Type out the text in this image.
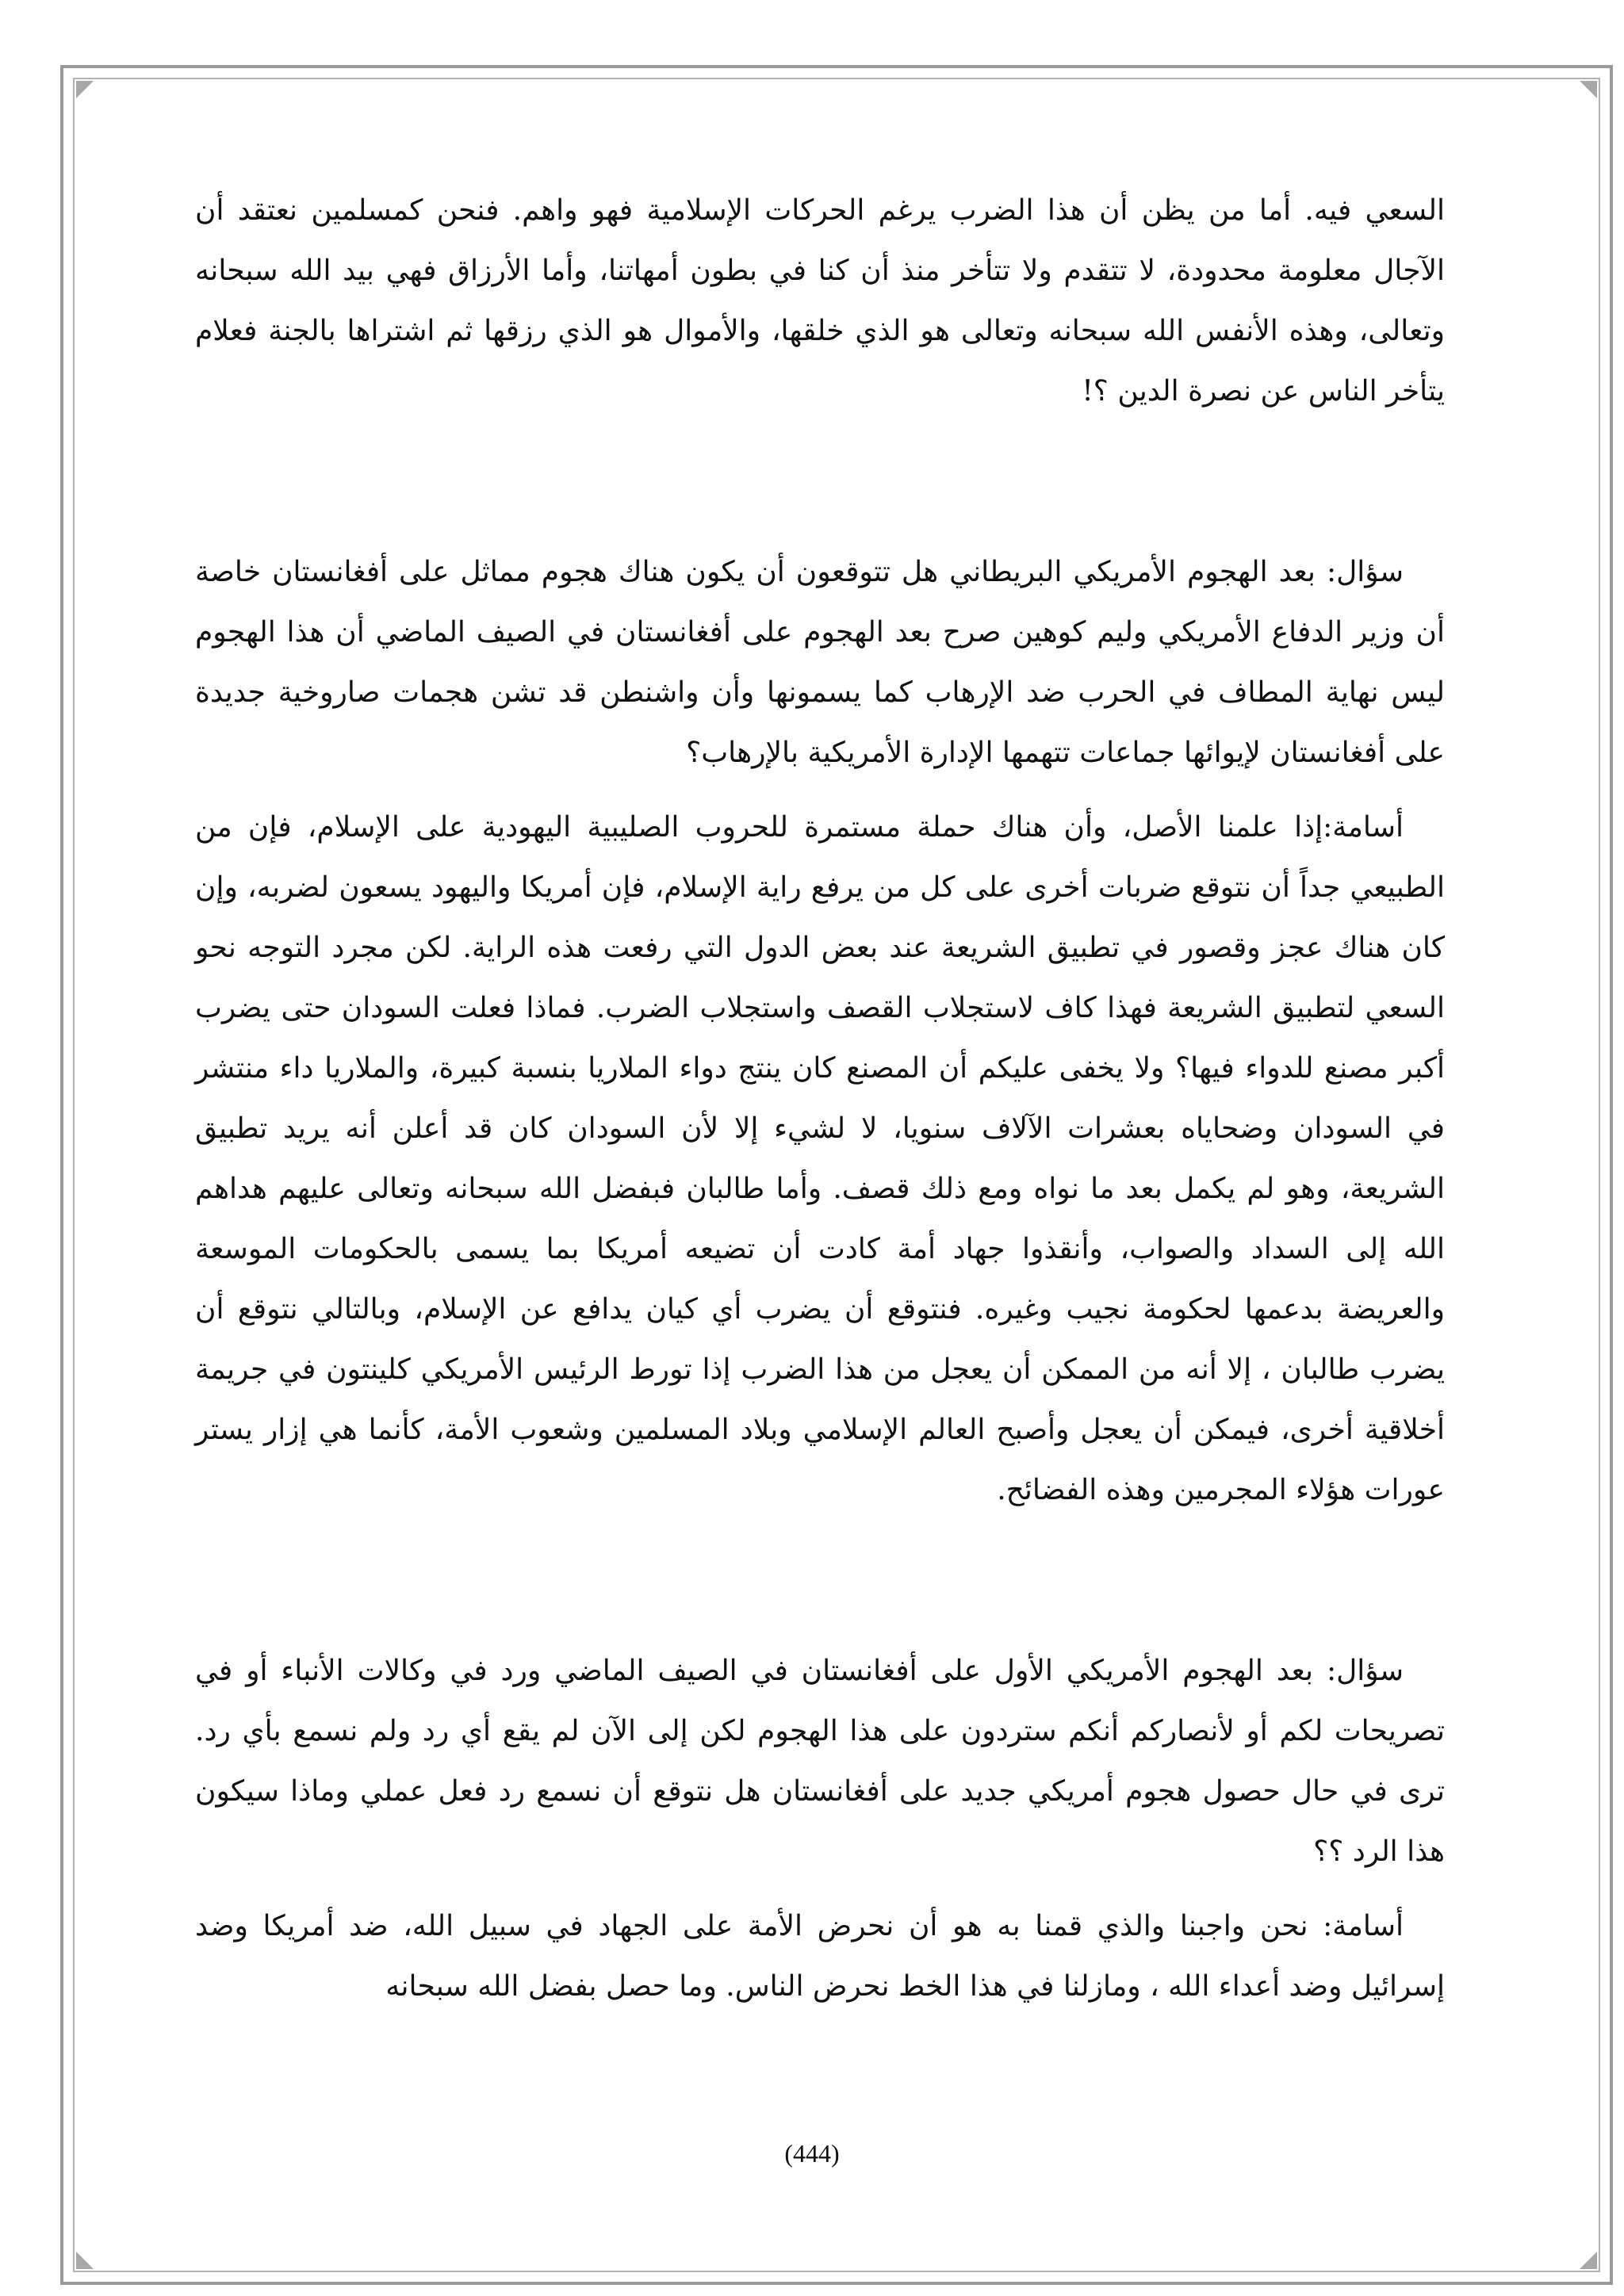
السعي فيه. أما من يظن أن هذا الضرب يرغم الحركات الإسلامية فهو واهم. فنحن كمسلمين نعتقد أن الآجال معلومة محدودة، لا تتقدم ولا تتأخر منذ أن كنا في بطون أمهاتنا، وأما الأرزاق فهي بيد الله سبحانه وتعالى، وهذه الأنفس الله سبحانه وتعالى هو الذي خلقها، والأموال هو الذي رزقها ثم اشتراها بالجنة فعلام يتأخر الناس عن نصرة الدين ؟!

سؤال: بعد الهجوم الأمريكي البريطاني هل تتوقعون أن يكون هناك هجوم مماثل على أفغانستان خاصة أن وزير الدفاع الأمريكي وليم كوهين صرح بعد الهجوم على أفغانستان في الصيف الماضي أن هذا الهجوم ليس نهاية المطاف في الحرب ضد الإرهاب كما يسمونها وأن واشنطن قد تشن هجمات صاروخية جديدة على أفغانستان لإيوائها جماعات تتهمها الإدارة الأمريكية بالإرهاب؟

أسامة:إذا علمنا الأصل، وأن هناك حملة مستمرة للحروب الصليبية اليهودية على الإسلام، فإن من الطبيعي جداً أن نتوقع ضربات أخرى على كل من يرفع راية الإسلام، فإن أمريكا واليهود يسعون لضربه، وإن كان هناك عجز وقصور في تطبيق الشريعة عند بعض الدول التي رفعت هذه الراية. لكن مجرد التوجه نحو السعي لتطبيق الشريعة فهذا كاف لاستجلاب القصف واستجلاب الضرب. فماذا فعلت السودان حتى يضرب أكبر مصنع للدواء فيها؟ ولا يخفى عليكم أن المصنع كان ينتج دواء الملاريا بنسبة كبيرة، والملاريا داء منتشر في السودان وضحاياه بعشرات الآلاف سنويا، لا لشيء إلا لأن السودان كان قد أعلن أنه يريد تطبيق الشريعة، وهو لم يكمل بعد ما نواه ومع ذلك قصف. وأما طالبان فبفضل الله سبحانه وتعالى عليهم هداهم الله إلى السداد والصواب، وأنقذوا جهاد أمة كادت أن تضيعه أمريكا بما يسمى بالحكومات الموسعة والعريضة بدعمها لحكومة نجيب وغيره. فنتوقع أن يضرب أي كيان يدافع عن الإسلام، وبالتالي نتوقع أن يضرب طالبان ، إلا أنه من الممكن أن يعجل من هذا الضرب إذا تورط الرئيس الأمريكي كلينتون في جريمة أخلاقية أخرى، فيمكن أن يعجل وأصبح العالم الإسلامي وبلاد المسلمين وشعوب الأمة، كأنما هي إزار يستر عورات هؤلاء المجرمين وهذه الفضائح.

سؤال: بعد الهجوم الأمريكي الأول على أفغانستان في الصيف الماضي ورد في وكالات الأنباء أو في تصريحات لكم أو لأنصاركم أنكم ستردون على هذا الهجوم لكن إلى الآن لم يقع أي رد ولم نسمع بأي رد. ترى في حال حصول هجوم أمريكي جديد على أفغانستان هل نتوقع أن نسمع رد فعل عملي وماذا سيكون هذا الرد ؟؟

أسامة: نحن واجبنا والذي قمنا به هو أن نحرض الأمة على الجهاد في سبيل الله، ضد أمريكا وضد إسرائيل وضد أعداء الله ، ومازلنا في هذا الخط نحرض الناس. وما حصل بفضل الله سبحانه

(444)
